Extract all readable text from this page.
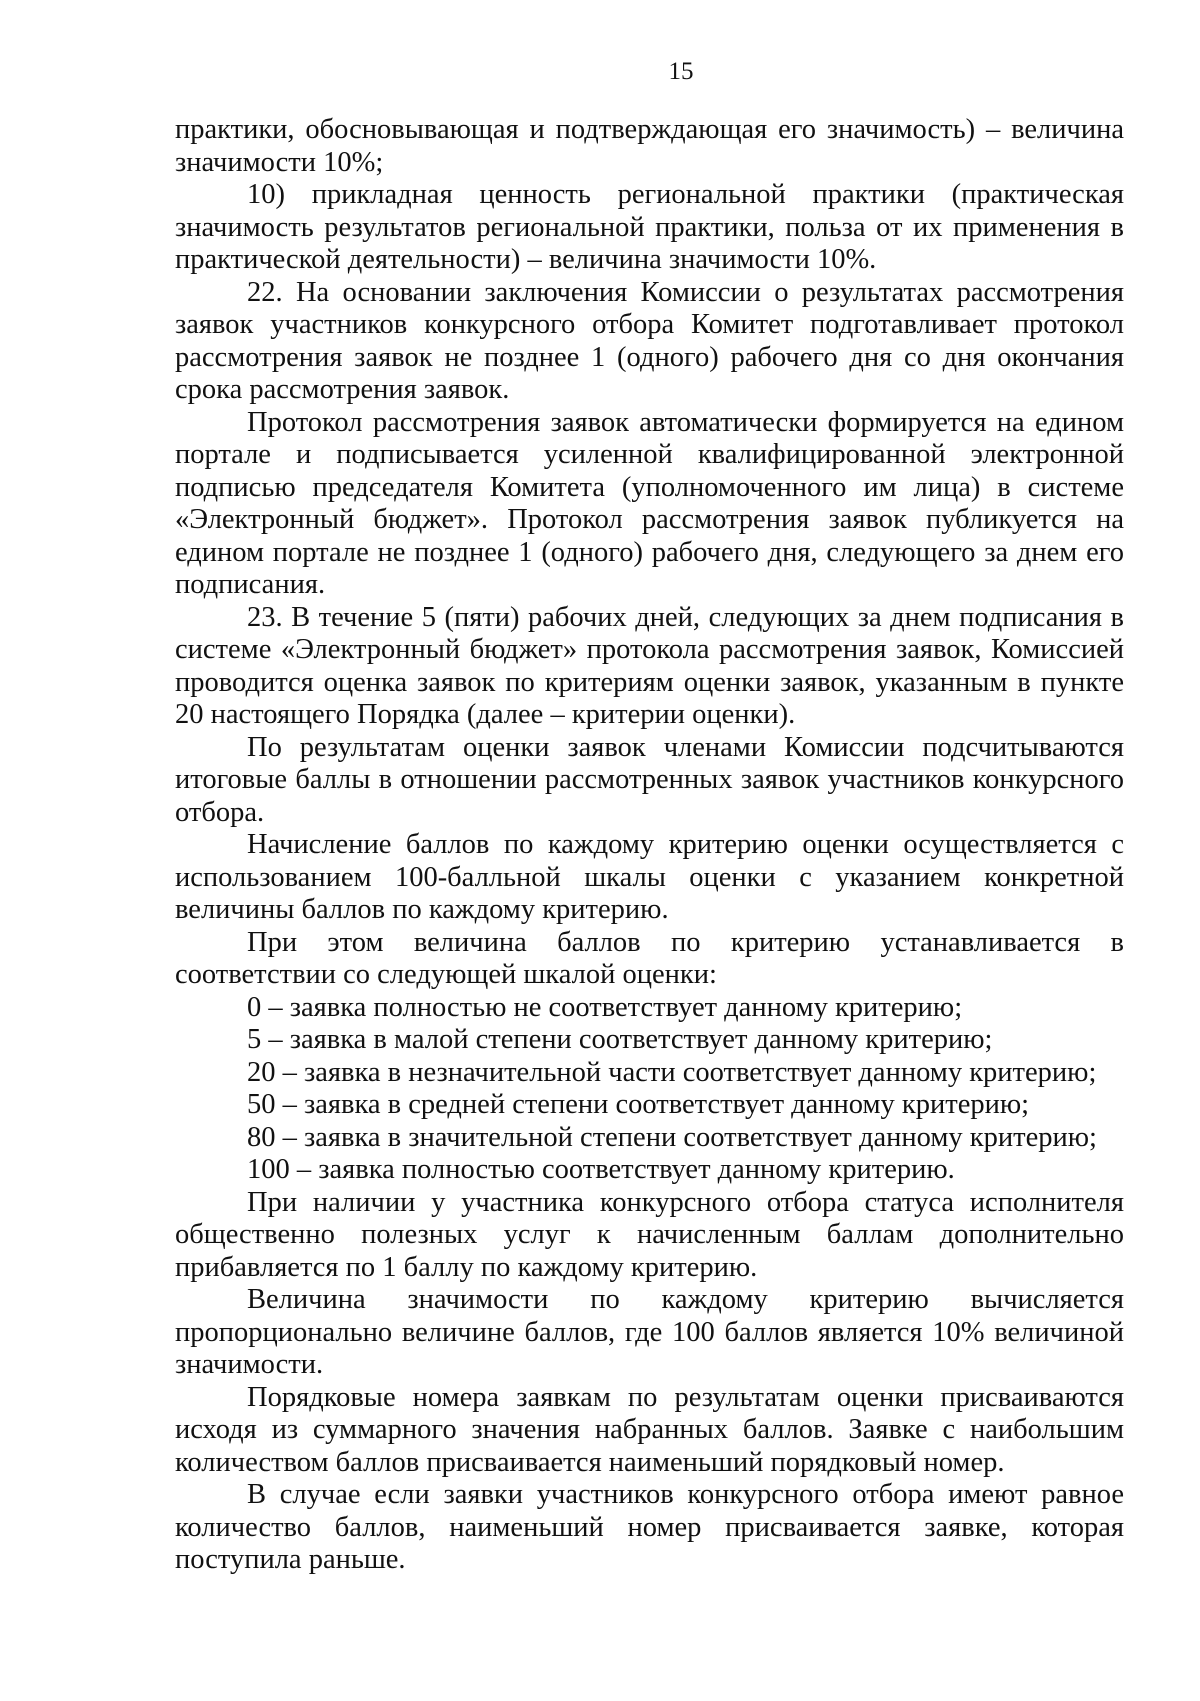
15

практики, обосновывающая и подтверждающая его значимость) – величина значимости 10%;

10) прикладная ценность региональной практики (практическая значимость результатов региональной практики, польза от их применения в практической деятельности) – величина значимости 10%.

22. На основании заключения Комиссии о результатах рассмотрения заявок участников конкурсного отбора Комитет подготавливает протокол рассмотрения заявок не позднее 1 (одного) рабочего дня со дня окончания срока рассмотрения заявок.

Протокол рассмотрения заявок автоматически формируется на едином портале и подписывается усиленной квалифицированной электронной подписью председателя Комитета (уполномоченного им лица) в системе «Электронный бюджет». Протокол рассмотрения заявок публикуется на едином портале не позднее 1 (одного) рабочего дня, следующего за днем его подписания.

23. В течение 5 (пяти) рабочих дней, следующих за днем подписания в системе «Электронный бюджет» протокола рассмотрения заявок, Комиссией проводится оценка заявок по критериям оценки заявок, указанным в пункте 20 настоящего Порядка (далее – критерии оценки).

По результатам оценки заявок членами Комиссии подсчитываются итоговые баллы в отношении рассмотренных заявок участников конкурсного отбора.

Начисление баллов по каждому критерию оценки осуществляется с использованием 100-балльной шкалы оценки с указанием конкретной величины баллов по каждому критерию.

При этом величина баллов по критерию устанавливается в соответствии со следующей шкалой оценки:

0 – заявка полностью не соответствует данному критерию;

5 – заявка в малой степени соответствует данному критерию;

20 – заявка в незначительной части соответствует данному критерию;

50 – заявка в средней степени соответствует данному критерию;

80 – заявка в значительной степени соответствует данному критерию;

100 – заявка полностью соответствует данному критерию.

При наличии у участника конкурсного отбора статуса исполнителя общественно полезных услуг к начисленным баллам дополнительно прибавляется по 1 баллу по каждому критерию.

Величина значимости по каждому критерию вычисляется пропорционально величине баллов, где 100 баллов является 10% величиной значимости.

Порядковые номера заявкам по результатам оценки присваиваются исходя из суммарного значения набранных баллов. Заявке с наибольшим количеством баллов присваивается наименьший порядковый номер.

В случае если заявки участников конкурсного отбора имеют равное количество баллов, наименьший номер присваивается заявке, которая поступила раньше.
